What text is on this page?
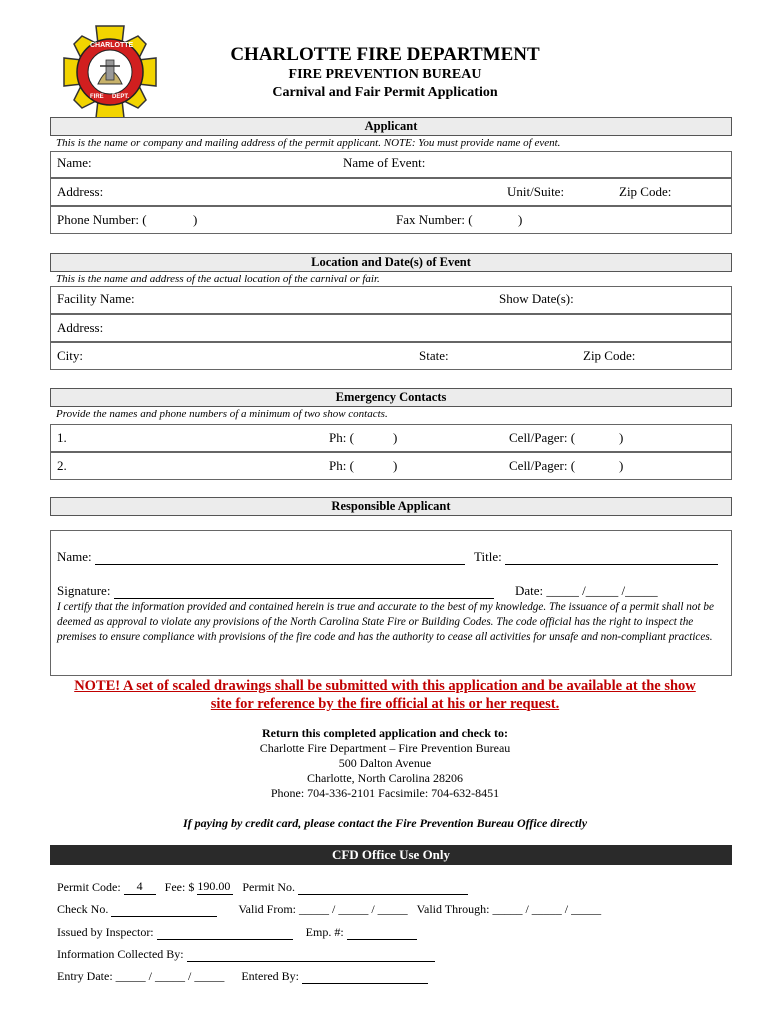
CHARLOTTE
FIRE DEPT.
CHARLOTTE FIRE DEPARTMENT
FIRE PREVENTION BUREAU
Carnival and Fair Permit Application
Applicant
This is the name or company and mailing address of the permit applicant. NOTE: You must provide name of event.
Name:	Name of Event:
Address:	Unit/Suite:	Zip Code:
Phone Number: (	)	Fax Number: (	)
Location and Date(s) of Event
This is the name and address of the actual location of the carnival or fair.
Facility Name:	Show Date(s):
Address:
City:	State:	Zip Code:
Emergency Contacts
Provide the names and phone numbers of a minimum of two show contacts.
1.	Ph: (	)	Cell/Pager: (	)
2.	Ph: (	)	Cell/Pager: (	)
Responsible Applicant
Name:	Title:
Signature:	Date: _____ /_____ /_____
I certify that the information provided and contained herein is true and accurate to the best of my knowledge. The issuance of a permit shall not be deemed as approval to violate any provisions of the North Carolina State Fire or Building Codes. The code official has the right to inspect the premises to ensure compliance with provisions of the fire code and has the authority to cease all activities for unsafe and non-compliant practices.
NOTE! A set of scaled drawings shall be submitted with this application and be available at the show
site for reference by the fire official at his or her request.
Return this completed application and check to:
Charlotte Fire Department – Fire Prevention Bureau
500 Dalton Avenue
Charlotte, North Carolina 28206
Phone: 704-336-2101 Facsimile: 704-632-8451
If paying by credit card, please contact the Fire Prevention Bureau Office directly
CFD Office Use Only
Permit Code: 4 Fee: $ 190.00 Permit No.
Check No.	Valid From: _____ / _____ / _____ Valid Through: _____ / _____ / _____
Issued by Inspector:	Emp. #:
Information Collected By:
Entry Date: _____ / _____ / _____ Entered By:
